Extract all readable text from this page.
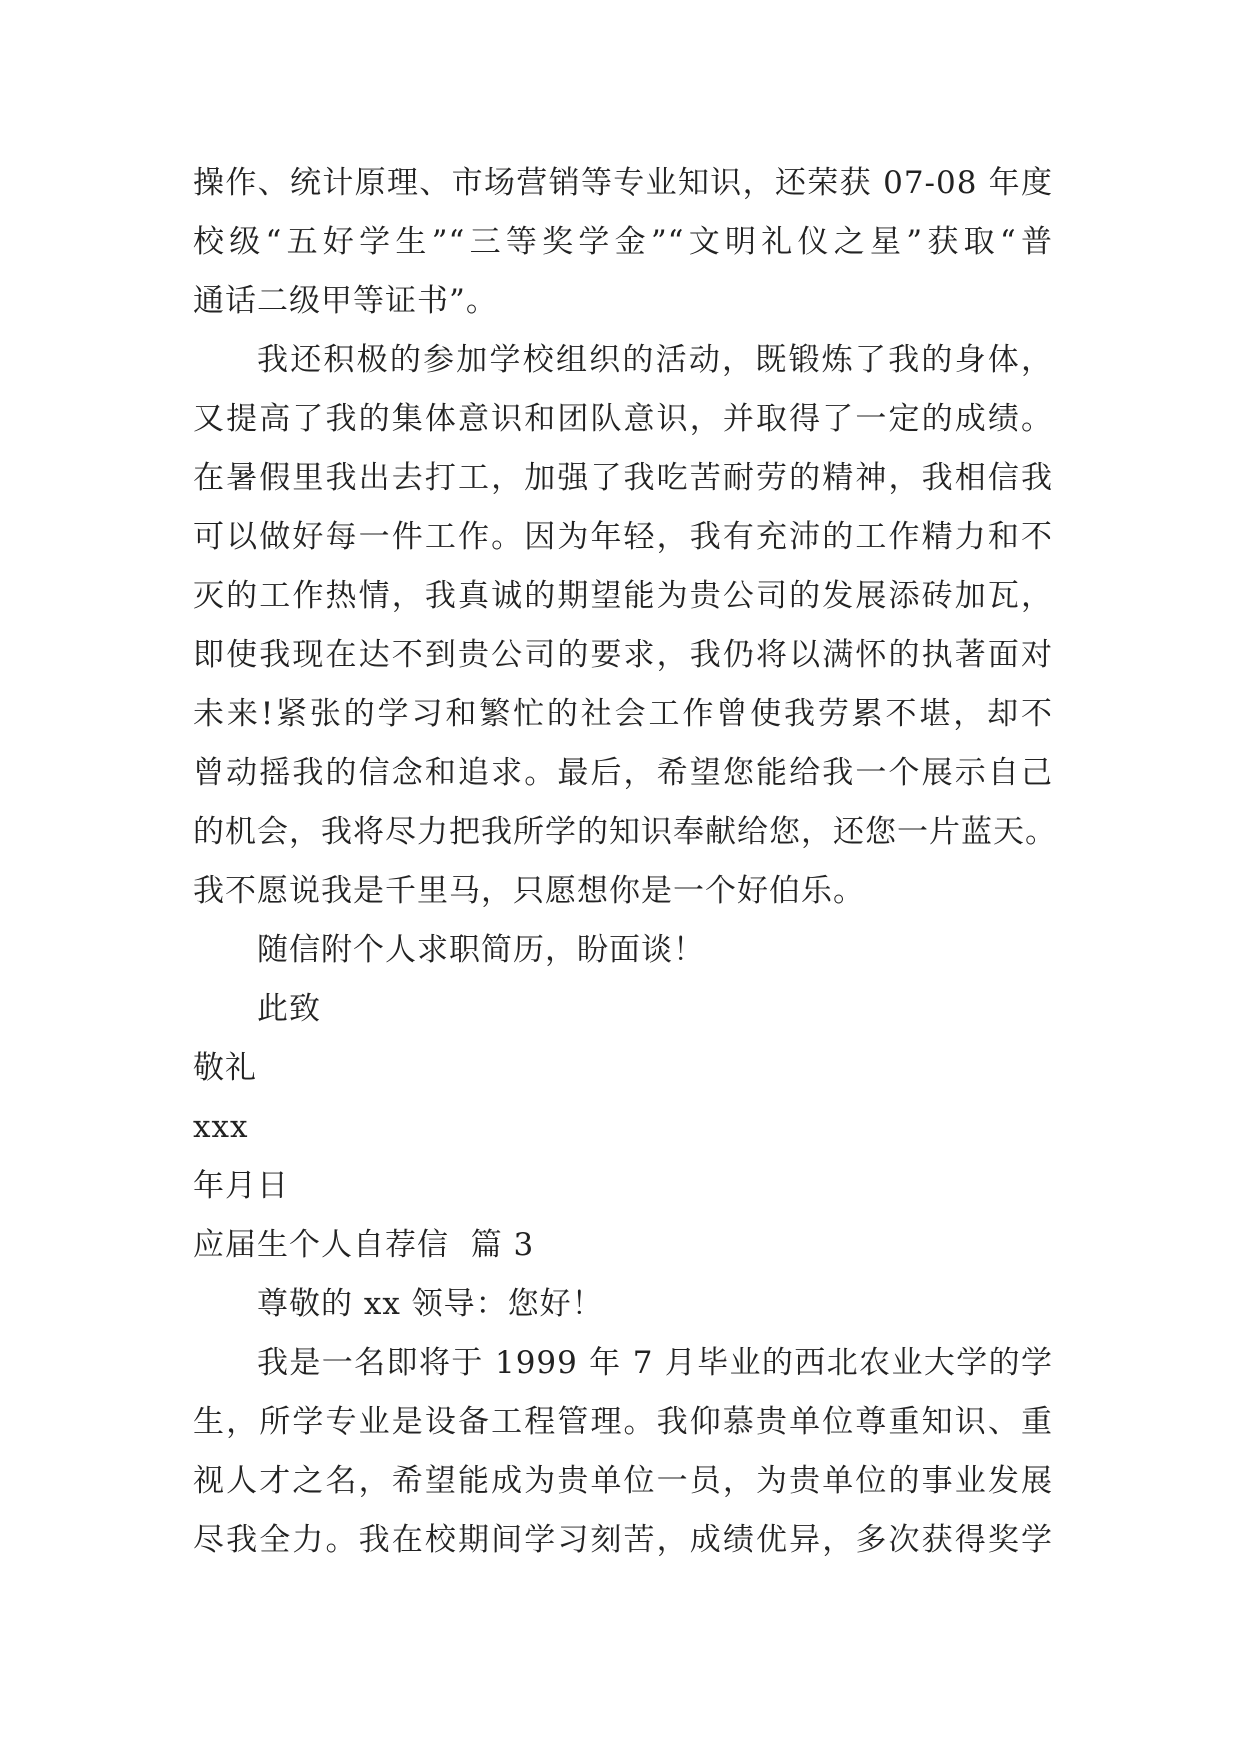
操作、统计原理、市场营销等专业知识，还荣获 07-08 年度
校级“五好学生”“三等奖学金”“文明礼仪之星”获取“普
通话二级甲等证书”。
我还积极的参加学校组织的活动，既锻炼了我的身体，
又提高了我的集体意识和团队意识，并取得了一定的成绩。
在暑假里我出去打工，加强了我吃苦耐劳的精神，我相信我
可以做好每一件工作。因为年轻，我有充沛的工作精力和不
灭的工作热情，我真诚的期望能为贵公司的发展添砖加瓦，
即使我现在达不到贵公司的要求，我仍将以满怀的执著面对
未来!紧张的学习和繁忙的社会工作曾使我劳累不堪，却不
曾动摇我的信念和追求。最后，希望您能给我一个展示自己
的机会，我将尽力把我所学的知识奉献给您，还您一片蓝天。
我不愿说我是千里马，只愿想你是一个好伯乐。
随信附个人求职简历，盼面谈！
此致
敬礼
xxx
年月日
应届生个人自荐信  篇 3
尊敬的 xx 领导：您好！
我是一名即将于 1999 年 7 月毕业的西北农业大学的学
生，所学专业是设备工程管理。我仰慕贵单位尊重知识、重
视人才之名，希望能成为贵单位一员，为贵单位的事业发展
尽我全力。我在校期间学习刻苦，成绩优异，多次获得奖学
